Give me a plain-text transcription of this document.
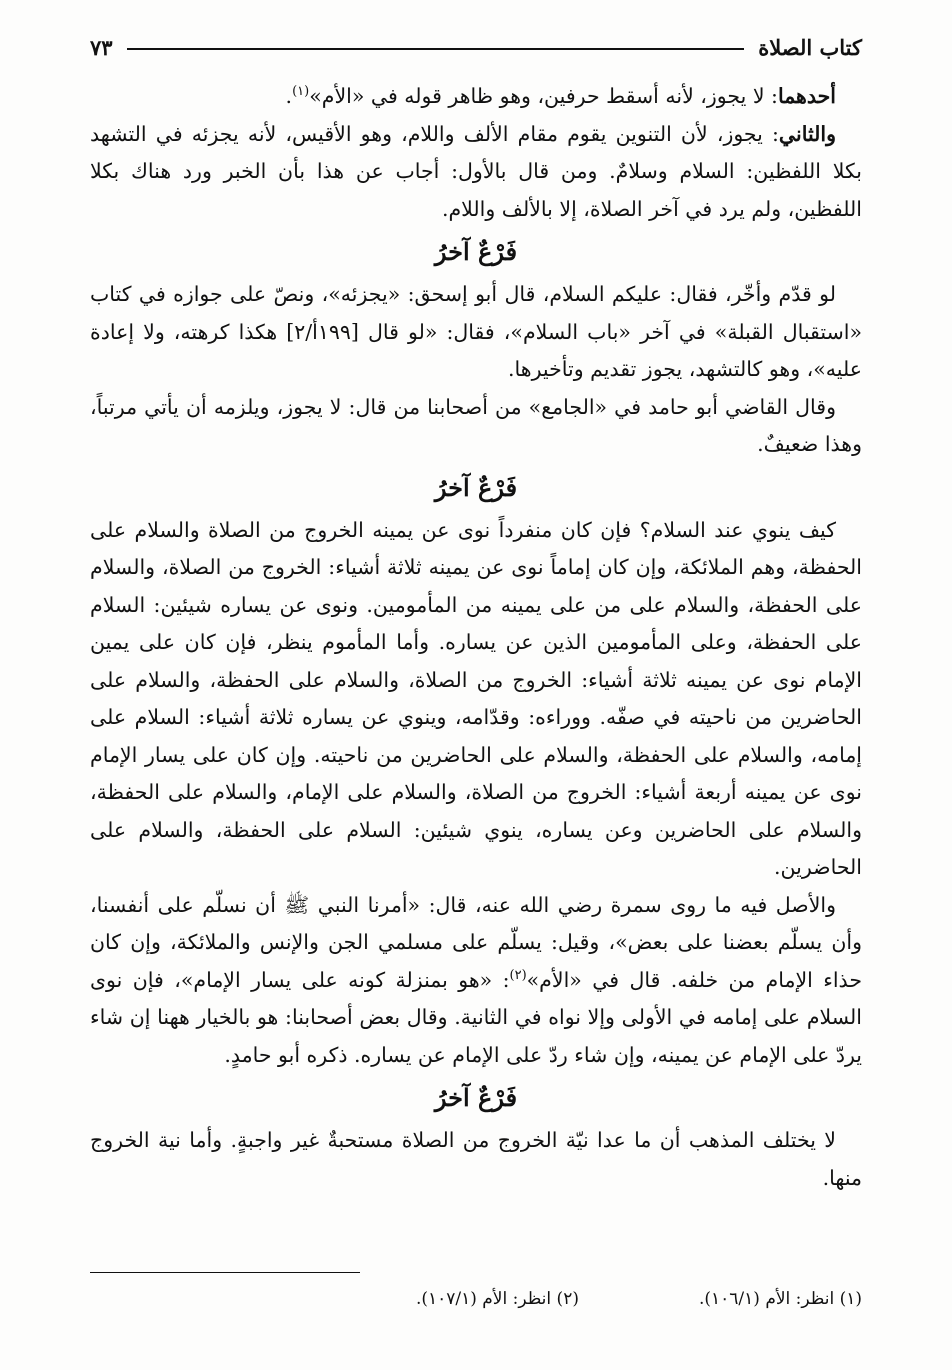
كتاب الصلاة
٧٣

أحدهما: لا يجوز، لأنه أسقط حرفين، وهو ظاهر قوله في «الأم»$^{(١)}$.

والثاني: يجوز، لأن التنوين يقوم مقام الألف واللام، وهو الأقيس، لأنه يجزئه في التشهد بكلا اللفظين: السلام وسلامٌ. ومن قال بالأول: أجاب عن هذا بأن الخبر ورد هناك بكلا اللفظين، ولم يرد في آخر الصلاة، إلا بالألف واللام.

فَرْعٌ آخرُ

لو قدّم وأخّر، فقال: عليكم السلام، قال أبو إسحق: «يجزئه»، ونصّ على جوازه في كتاب «استقبال القبلة» في آخر «باب السلام»، فقال: «لو قال [١٩٩أ/٢] هكذا كرهته، ولا إعادة عليه»، وهو كالتشهد، يجوز تقديم وتأخيرها.

وقال القاضي أبو حامد في «الجامع» من أصحابنا من قال: لا يجوز، ويلزمه أن يأتي مرتباً، وهذا ضعيفٌ.

فَرْعٌ آخرُ

كيف ينوي عند السلام؟ فإن كان منفرداً نوى عن يمينه الخروج من الصلاة والسلام على الحفظة، وهم الملائكة، وإن كان إماماً نوى عن يمينه ثلاثة أشياء: الخروج من الصلاة، والسلام على الحفظة، والسلام على من على يمينه من المأمومين. ونوى عن يساره شيئين: السلام على الحفظة، وعلى المأمومين الذين عن يساره. وأما المأموم ينظر، فإن كان على يمين الإمام نوى عن يمينه ثلاثة أشياء: الخروج من الصلاة، والسلام على الحفظة، والسلام على الحاضرين من ناحيته في صفّه. ووراءه: وقدّامه، وينوي عن يساره ثلاثة أشياء: السلام على إمامه، والسلام على الحفظة، والسلام على الحاضرين من ناحيته. وإن كان على يسار الإمام نوى عن يمينه أربعة أشياء: الخروج من الصلاة، والسلام على الإمام، والسلام على الحفظة، والسلام على الحاضرين وعن يساره، ينوي شيئين: السلام على الحفظة، والسلام على الحاضرين.

والأصل فيه ما روى سمرة رضي الله عنه، قال: «أمرنا النبي ﷺ أن نسلّم على أنفسنا، وأن يسلّم بعضنا على بعض»، وقيل: يسلّم على مسلمي الجن والإنس والملائكة، وإن كان حذاء الإمام من خلفه. قال في «الأم»$^{(٢)}$: «هو بمنزلة كونه على يسار الإمام»، فإن نوى السلام على إمامه في الأولى وإلا نواه في الثانية. وقال بعض أصحابنا: هو بالخيار ههنا إن شاء يردّ على الإمام عن يمينه، وإن شاء ردّ على الإمام عن يساره. ذكره أبو حامدٍ.

فَرْعٌ آخرُ

لا يختلف المذهب أن ما عدا نيّة الخروج من الصلاة مستحبةٌ غير واجبةٍ. وأما نية الخروج منها.

(١) انظر: الأم (١٠٦/١).
(٢) انظر: الأم (١٠٧/١).
